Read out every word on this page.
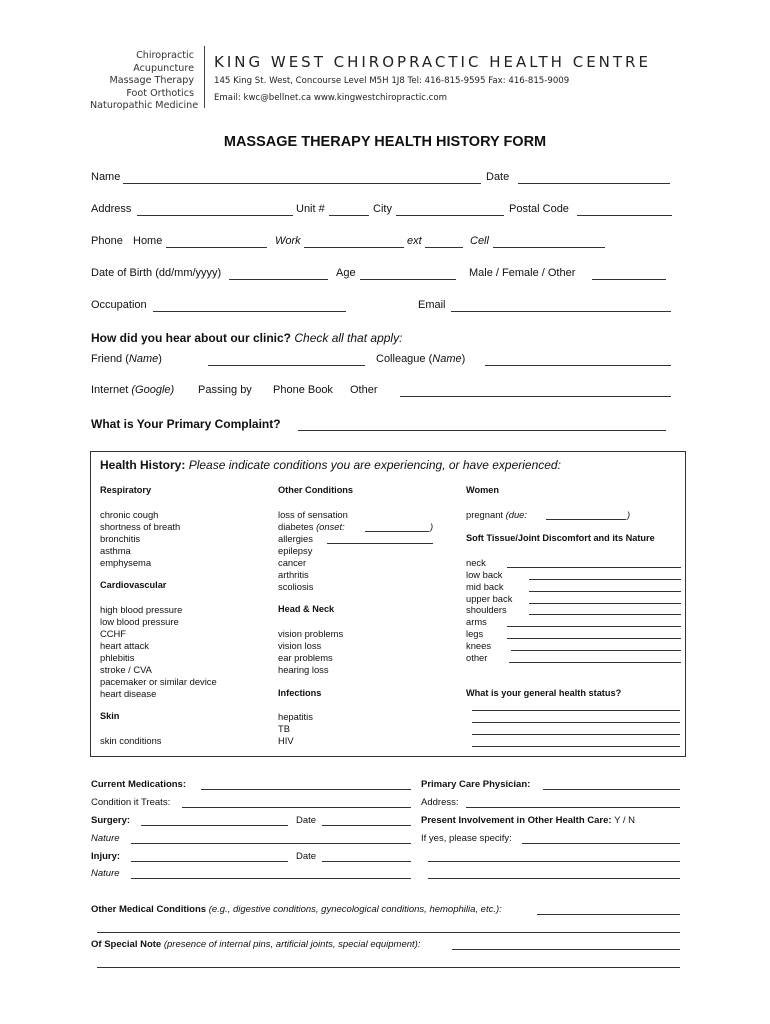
Chiropractic
Acupuncture
Massage Therapy
Foot Orthotics
Naturopathic Medicine
KING WEST CHIROPRACTIC HEALTH CENTRE
145 King St. West, Concourse Level M5H 1J8 Tel: 416-815-9595 Fax: 416-815-9009
Email: kwc@bellnet.ca www.kingwestchiropractic.com
MASSAGE THERAPY HEALTH HISTORY FORM
Name	Date
Address	Unit #	City	Postal Code
Phone Home	Work	ext	Cell
Date of Birth (dd/mm/yyyy)	Age	Male / Female / Other
Occupation	Email
How did you hear about our clinic? Check all that apply:
Friend (Name)	Colleague (Name)
Internet (Google) Passing by Phone Book Other
What is Your Primary Complaint?
Health History: Please indicate conditions you are experiencing, or have experienced:
Respiratory
chronic cough
shortness of breath
bronchitis
asthma
emphysema
Cardiovascular
high blood pressure
low blood pressure
CCHF
heart attack
phlebitis
stroke / CVA
pacemaker or similar device
heart disease
Skin
skin conditions
Other Conditions
loss of sensation
diabetes (onset:	)
allergies
epilepsy
cancer
arthritis
scoliosis
Head & Neck
vision problems
vision loss
ear problems
hearing loss
Infections
hepatitis
TB
HIV
Women
pregnant (due:	)
Soft Tissue/Joint Discomfort and its Nature
neck
low back
mid back
upper back
shoulders
arms
legs
knees
other
What is your general health status?
Current Medications:	Primary Care Physician:
Condition it Treats:	Address:
Surgery:	Date	Present Involvement in Other Health Care: Y / N
Nature	If yes, please specify:
Injury:	Date
Nature
Other Medical Conditions (e.g., digestive conditions, gynecological conditions, hemophilia, etc.):
Of Special Note (presence of internal pins, artificial joints, special equipment):
